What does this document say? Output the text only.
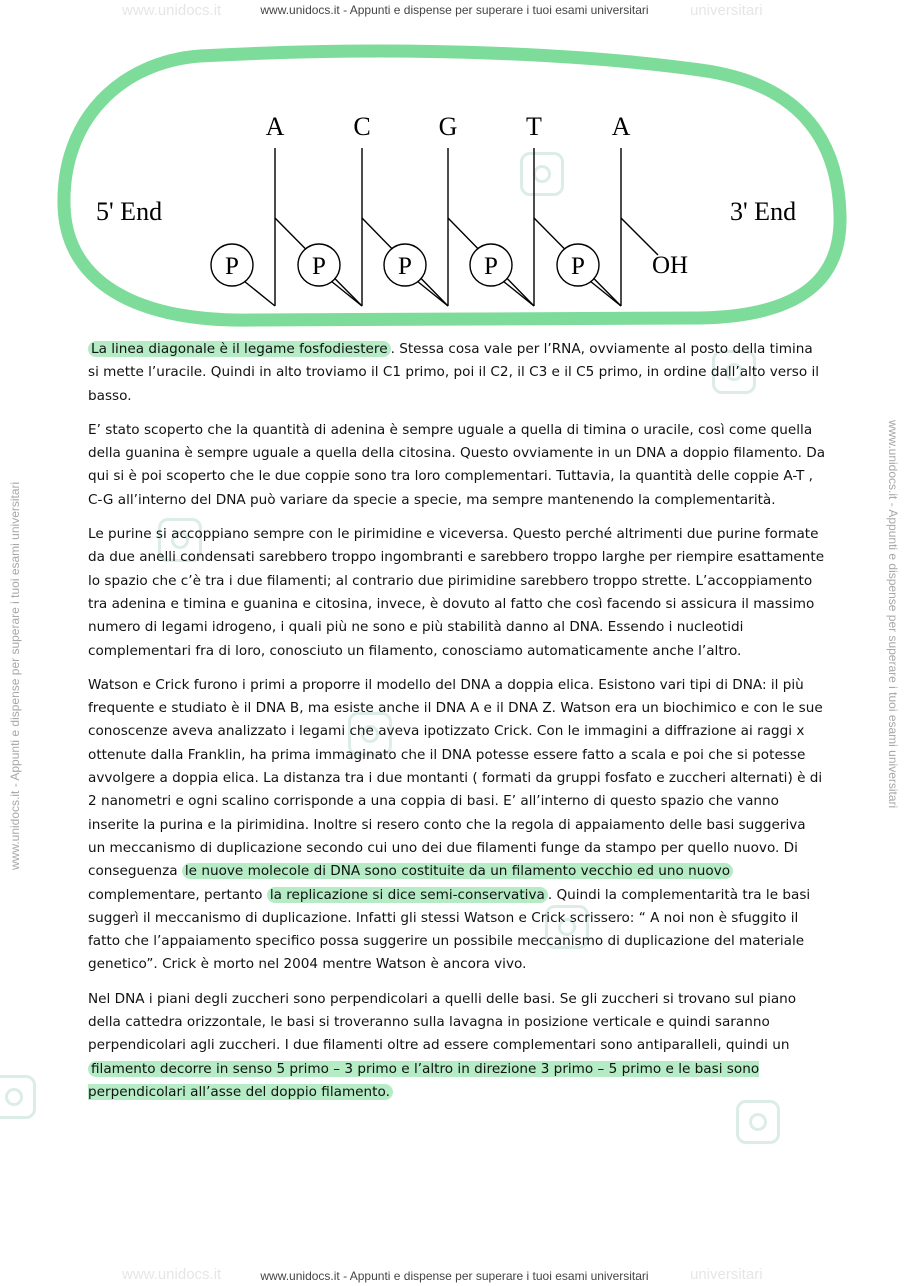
www.unidocs.it - Appunti e dispense per superare i tuoi esami universitari
www.unidocs.it - Appunti e dispense per superare i tuoi esami universitari
www.unidocs.it	universitari
www.unidocs.it	universitari
www.unidocs.it - Appunti e dispense per superare i tuoi esami universitari	www.unidocs.it - Appunti e dispense per superare i tuoi esami universitari
A
P
C
P
G
P
T
P
A
P
5' End	3' End
OH

La linea diagonale è il legame fosfodiestere . Stessa cosa vale per l’RNA, ovviamente al posto della timina si mette l’uracile. Quindi in alto troviamo il C1 primo, poi il C2, il C3 e il C5 primo, in ordine dall’alto verso il basso.

E’ stato scoperto che la quantità di adenina è sempre uguale a quella di timina o uracile, così come quella della guanina è sempre uguale a quella della citosina. Questo ovviamente in un DNA a doppio filamento. Da qui si è poi scoperto che le due coppie sono tra loro complementari. Tuttavia, la quantità delle coppie A-T , C-G all’interno del DNA può variare da specie a specie, ma sempre mantenendo la complementarità.

Le purine si accoppiano sempre con le pirimidine e viceversa. Questo perché altrimenti due purine formate da due anelli condensati sarebbero troppo ingombranti e sarebbero troppo larghe per riempire esattamente lo spazio che c’è tra i due filamenti; al contrario due pirimidine sarebbero troppo strette. L’accoppiamento tra adenina e timina e guanina e citosina, invece, è dovuto al fatto che così facendo si assicura il massimo numero di legami idrogeno, i quali più ne sono e più stabilità danno al DNA. Essendo i nucleotidi complementari fra di loro, conosciuto un filamento, conosciamo automaticamente anche l’altro.

Watson e Crick furono i primi a proporre il modello del DNA a doppia elica. Esistono vari tipi di DNA: il più frequente e studiato è il DNA B, ma esiste anche il DNA A e il DNA Z. Watson era un biochimico e con le sue conoscenze aveva analizzato i legami che aveva ipotizzato Crick. Con le immagini a diffrazione ai raggi x ottenute dalla Franklin, ha prima immaginato che il DNA potesse essere fatto a scala e poi che si potesse avvolgere a doppia elica. La distanza tra i due montanti ( formati da gruppi fosfato e zuccheri alternati) è di 2 nanometri e ogni scalino corrisponde a una coppia di basi. E’ all’interno di questo spazio che vanno inserite la purina e la pirimidina. Inoltre si resero conto che la regola di appaiamento delle basi suggeriva un meccanismo di duplicazione secondo cui uno dei due filamenti funge da stampo per quello nuovo. Di conseguenza le nuove molecole di DNA sono costituite da un filamento vecchio ed uno nuovo complementare, pertanto la replicazione si dice semi-conservativa . Quindi la complementarità tra le basi suggerì il meccanismo di duplicazione. Infatti gli stessi Watson e Crick scrissero: “ A noi non è sfuggito il fatto che l’appaiamento specifico possa suggerire un possibile meccanismo di duplicazione del materiale genetico”. Crick è morto nel 2004 mentre Watson è ancora vivo.

Nel DNA i piani degli zuccheri sono perpendicolari a quelli delle basi. Se gli zuccheri si trovano sul piano della cattedra orizzontale, le basi si troveranno sulla lavagna in posizione verticale e quindi saranno perpendicolari agli zuccheri. I due filamenti oltre ad essere complementari sono antiparalleli, quindi un filamento decorre in senso 5 primo – 3 primo e l’altro in direzione 3 primo – 5 primo e le basi sono perpendicolari all’asse del doppio filamento.
